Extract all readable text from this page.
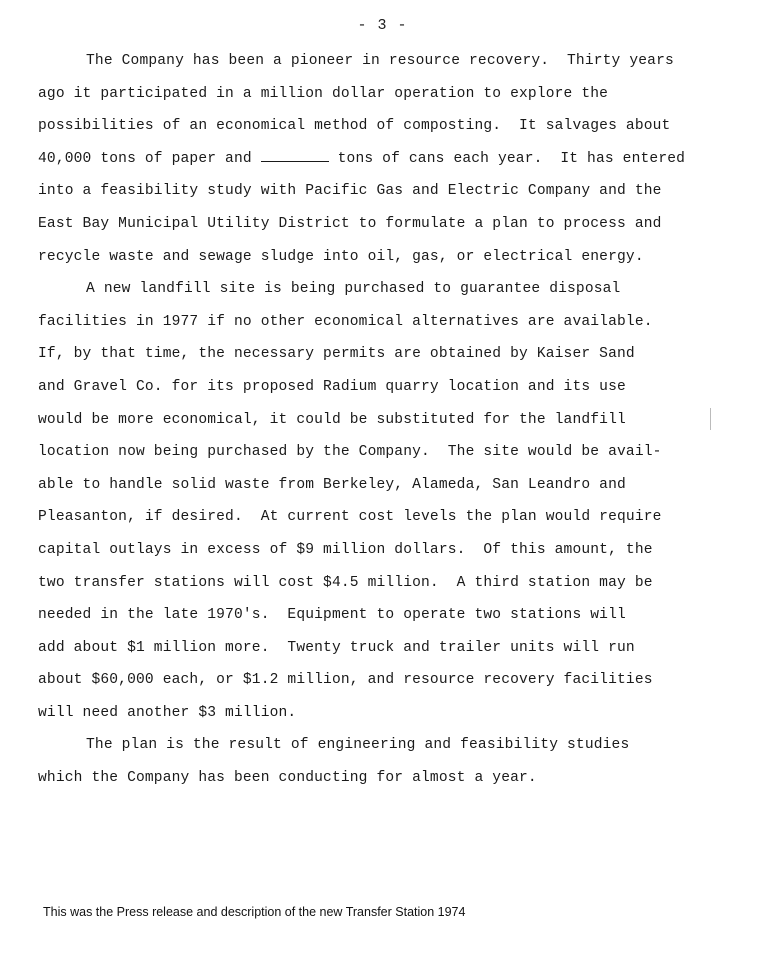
- 3 -
The Company has been a pioneer in resource recovery.  Thirty years
ago it participated in a million dollar operation to explore the
possibilities of an economical method of composting.  It salvages about
40,000 tons of paper and	tons of cans each year.  It has entered
into a feasibility study with Pacific Gas and Electric Company and the
East Bay Municipal Utility District to formulate a plan to process and
recycle waste and sewage sludge into oil, gas, or electrical energy.
A new landfill site is being purchased to guarantee disposal
facilities in 1977 if no other economical alternatives are available.
If, by that time, the necessary permits are obtained by Kaiser Sand
and Gravel Co. for its proposed Radium quarry location and its use
would be more economical, it could be substituted for the landfill
location now being purchased by the Company.  The site would be avail-
able to handle solid waste from Berkeley, Alameda, San Leandro and
Pleasanton, if desired.  At current cost levels the plan would require
capital outlays in excess of $9 million dollars.  Of this amount, the
two transfer stations will cost $4.5 million.  A third station may be
needed in the late 1970's.  Equipment to operate two stations will
add about $1 million more.  Twenty truck and trailer units will run
about $60,000 each, or $1.2 million, and resource recovery facilities
will need another $3 million.
The plan is the result of engineering and feasibility studies
which the Company has been conducting for almost a year.
This was the Press release and description of the new Transfer Station 1974
